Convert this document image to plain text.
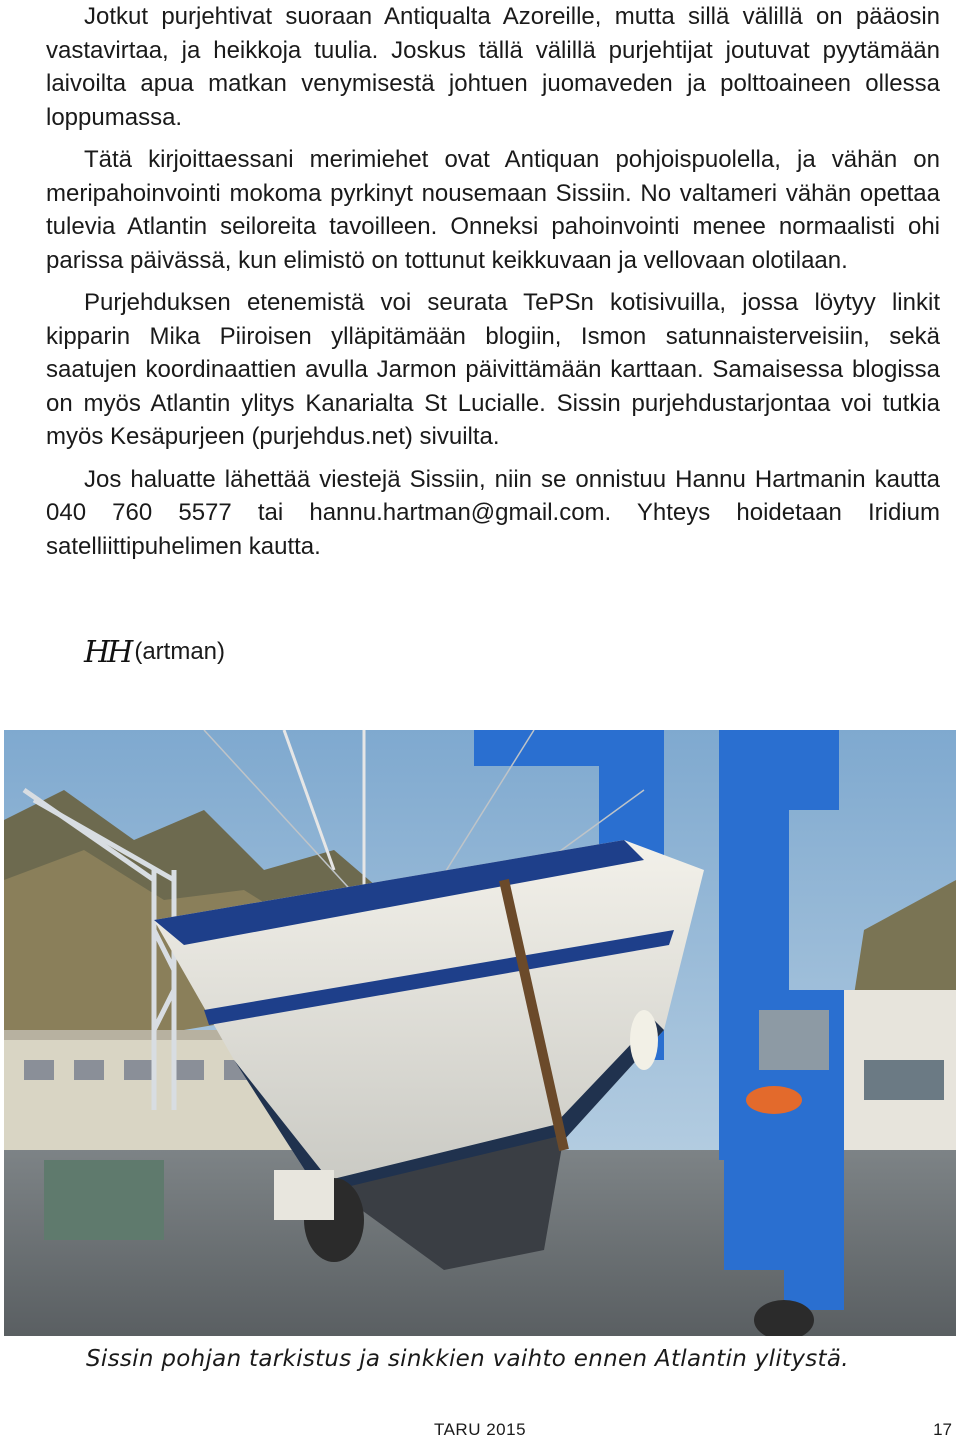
Jotkut purjehtivat suoraan Antiqualta Azoreille, mutta sillä välillä on pääosin vastavirtaa, ja heikkoja tuulia. Joskus tällä välillä purjehtijat joutuvat pyytämään laivoilta apua matkan venymisestä johtuen juomaveden ja polttoaineen ollessa loppumassa.

Tätä kirjoittaessani merimiehet ovat Antiquan pohjoispuolella, ja vähän on meripahoinvointi mokoma pyrkinyt nousemaan Sissiin. No valtameri vähän opettaa tulevia Atlantin seiloreita tavoilleen. Onneksi pahoinvointi menee normaalisti ohi parissa päivässä, kun elimistö on tottunut keikkuvaan ja vellovaan olotilaan.

Purjehduksen etenemistä voi seurata TePSn kotisivuilla, jossa löytyy linkit kipparin Mika Piiroisen ylläpitämään blogiin, Ismon satunnaisterveisiin, sekä saatujen koordinaattien avulla Jarmon päivittämään karttaan. Samaisessa blogissa on myös Atlantin ylitys Kanarialta St Lucialle. Sissin purjehdustarjontaa voi tutkia myös Kesäpurjeen (purjehdus.net) sivuilta.

Jos haluatte lähettää viestejä Sissiin, niin se onnistuu Hannu Hartmanin kautta 040 760 5577 tai hannu.hartman@gmail.com. Yhteys hoidetaan Iridium satelliittipuhelimen kautta.

HH (artman)
Sissin pohjan tarkistus ja sinkkien vaihto ennen Atlantin ylitystä.
TARU 2015	17
